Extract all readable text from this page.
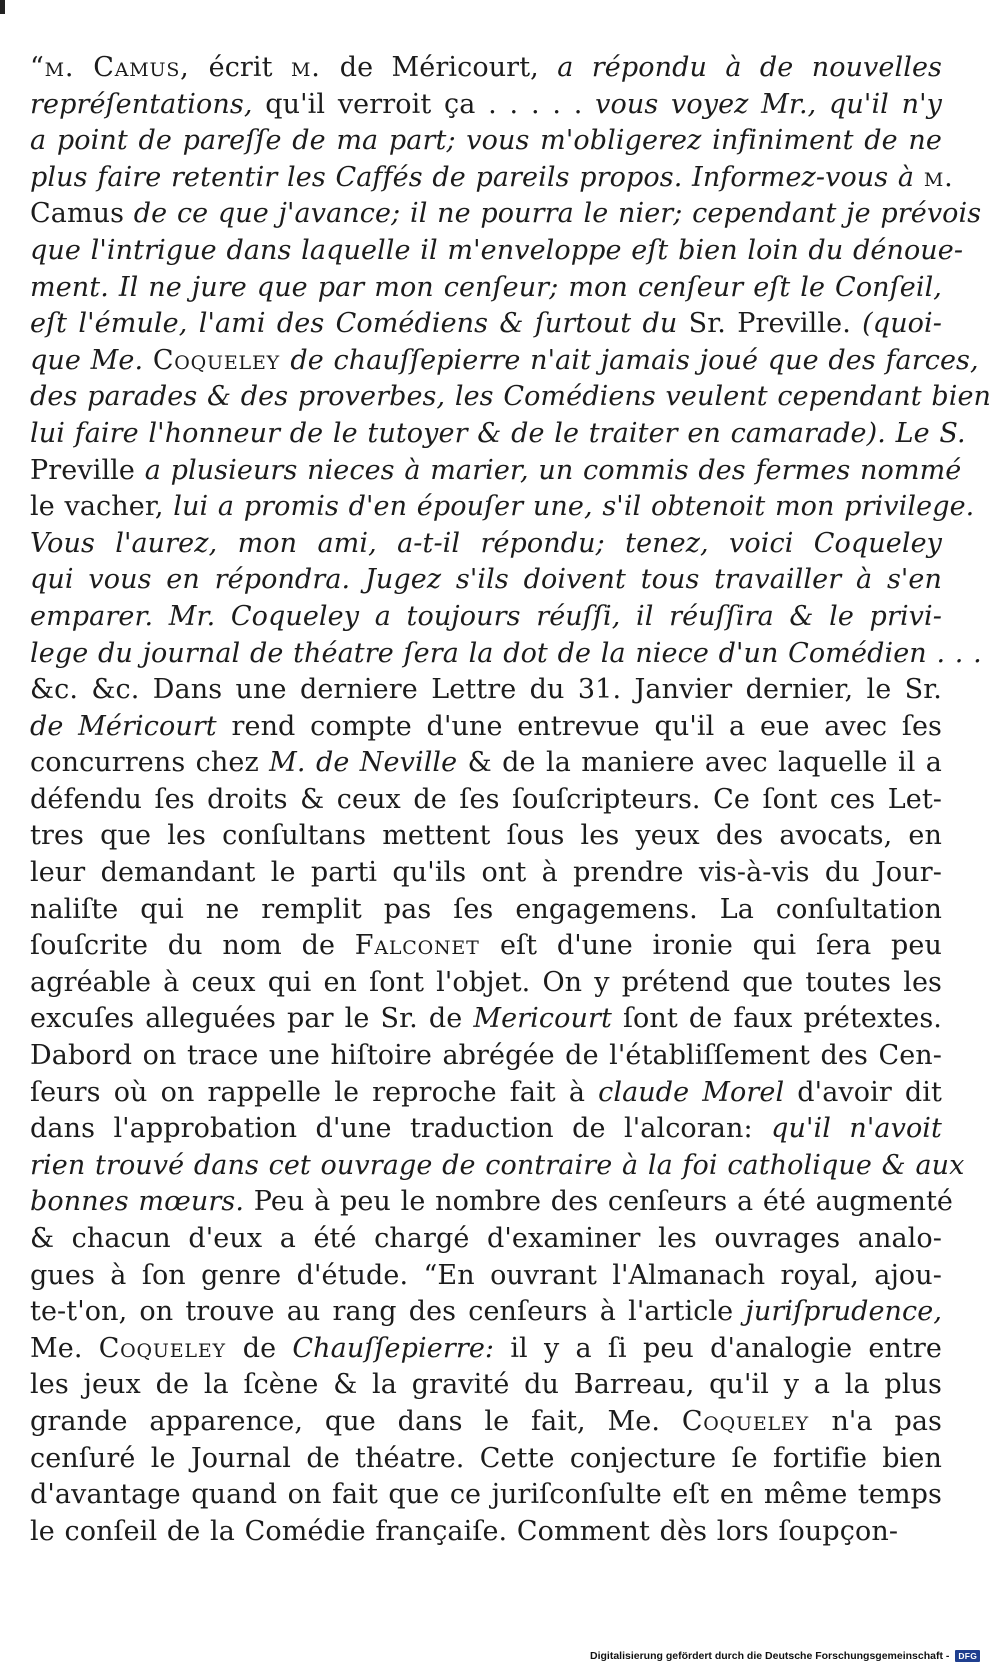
“m. Camus, écrit m. de Méricourt, a répondu à de nouvelles
repréſentations, qu'il verroit ça . . . . . vous voyez Mr., qu'il n'y
a point de pareſſe de ma part; vous m'obligerez infiniment de ne
plus faire retentir les Caffés de pareils propos. Informez-vous à m.
Camus de ce que j'avance; il ne pourra le nier; cependant je prévois
que l'intrigue dans laquelle il m'enveloppe eſt bien loin du dénoue-
ment. Il ne jure que par mon cenſeur; mon cenſeur eſt le Conſeil,
eſt l'émule, l'ami des Comédiens & ſurtout du Sr. Preville. (quoi-
que Me. Coqueley de chauſſepierre n'ait jamais joué que des farces,
des parades & des proverbes, les Comédiens veulent cependant bien
lui faire l'honneur de le tutoyer & de le traiter en camarade). Le S.
Preville a plusieurs nieces à marier, un commis des fermes nommé
le vacher, lui a promis d'en épouſer une, s'il obtenoit mon privilege.
Vous l'aurez, mon ami, a-t-il répondu; tenez, voici Coqueley
qui vous en répondra. Jugez s'ils doivent tous travailler à s'en
emparer. Mr. Coqueley a toujours réuſſi, il réuſſira & le privi-
lege du journal de théatre ſera la dot de la niece d'un Comédien . . .
&c. &c. Dans une derniere Lettre du 31. Janvier dernier, le Sr.
de Méricourt rend compte d'une entrevue qu'il a eue avec ſes
concurrens chez M. de Neville & de la maniere avec laquelle il a
défendu ſes droits & ceux de ſes ſouſcripteurs. Ce ſont ces Let-
tres que les conſultans mettent ſous les yeux des avocats, en
leur demandant le parti qu'ils ont à prendre vis-à-vis du Jour-
naliſte qui ne remplit pas ſes engagemens. La conſultation
ſouſcrite du nom de Falconet eſt d'une ironie qui ſera peu
agréable à ceux qui en ſont l'objet. On y prétend que toutes les
excuſes alleguées par le Sr. de Mericourt ſont de faux prétextes.
Dabord on trace une hiſtoire abrégée de l'établiſſement des Cen-
ſeurs où on rappelle le reproche fait à claude Morel d'avoir dit
dans l'approbation d'une traduction de l'alcoran: qu'il n'avoit
rien trouvé dans cet ouvrage de contraire à la foi catholique & aux
bonnes mœurs. Peu à peu le nombre des cenſeurs a été augmenté
& chacun d'eux a été chargé d'examiner les ouvrages analo-
gues à ſon genre d'étude. “En ouvrant l'Almanach royal, ajou-
te-t'on, on trouve au rang des cenſeurs à l'article juriſprudence,
Me. Coqueley de Chauſſepierre: il y a ſi peu d'analogie entre
les jeux de la ſcène & la gravité du Barreau, qu'il y a la plus
grande apparence, que dans le fait, Me. Coqueley n'a pas
cenſuré le Journal de théatre. Cette conjecture ſe fortifie bien
d'avantage quand on fait que ce juriſconſulte eſt en même temps
le conſeil de la Comédie françaiſe. Comment dès lors ſoupçon-
Digitalisierung gefördert durch die Deutsche Forschungsgemeinschaft - DFG
